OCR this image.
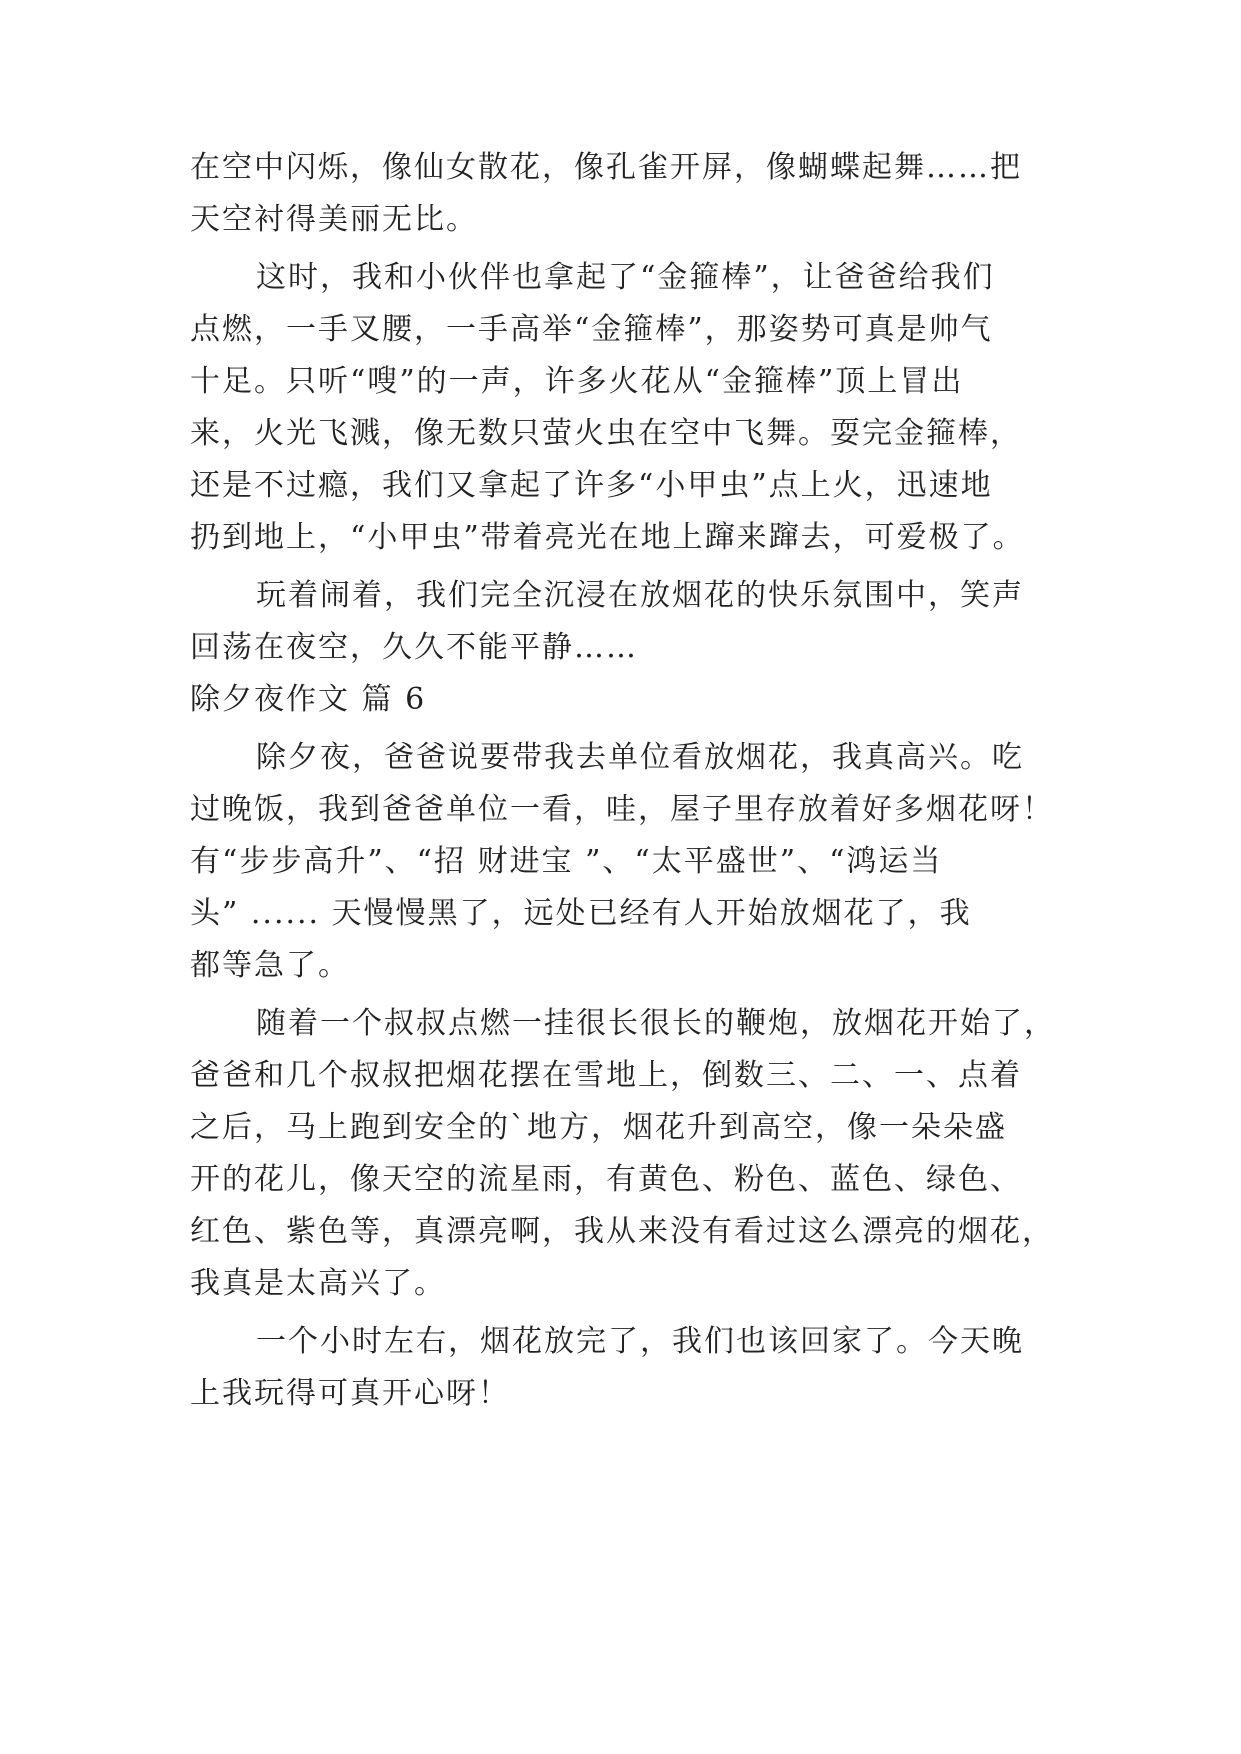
在空中闪烁，像仙女散花，像孔雀开屏，像蝴蝶起舞……把
天空衬得美丽无比。
这时，我和小伙伴也拿起了“金箍棒”，让爸爸给我们
点燃，一手叉腰，一手高举“金箍棒”，那姿势可真是帅气
十足。只听“嗖”的一声，许多火花从“金箍棒”顶上冒出
来，火光飞溅，像无数只萤火虫在空中飞舞。耍完金箍棒，
还是不过瘾，我们又拿起了许多“小甲虫”点上火，迅速地
扔到地上，“小甲虫”带着亮光在地上蹿来蹿去，可爱极了。
玩着闹着，我们完全沉浸在放烟花的快乐氛围中，笑声
回荡在夜空，久久不能平静……
除夕夜作文 篇 6
除夕夜，爸爸说要带我去单位看放烟花，我真高兴。吃
过晚饭，我到爸爸单位一看，哇，屋子里存放着好多烟花呀！
有“步步高升”、“招 财进宝 ”、“太平盛世”、“鸿运当
头” ...... 天慢慢黑了，远处已经有人开始放烟花了，我
都等急了。
随着一个叔叔点燃一挂很长很长的鞭炮，放烟花开始了，
爸爸和几个叔叔把烟花摆在雪地上，倒数三、二、一、点着
之后，马上跑到安全的`地方，烟花升到高空，像一朵朵盛
开的花儿，像天空的流星雨，有黄色、粉色、蓝色、绿色、
红色、紫色等，真漂亮啊，我从来没有看过这么漂亮的烟花，
我真是太高兴了。
一个小时左右，烟花放完了，我们也该回家了。今天晚
上我玩得可真开心呀！
